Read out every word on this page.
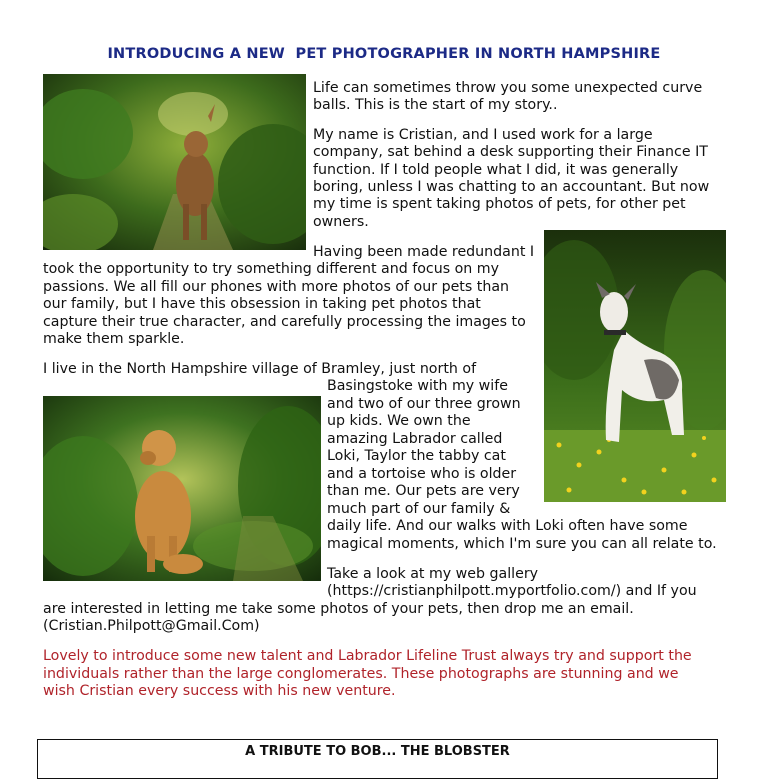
INTRODUCING A NEW  PET PHOTOGRAPHER IN NORTH HAMPSHIRE

Life can sometimes throw you some unexpected curve

balls. This is the start of my story..

My name is Cristian, and I used work for a large

company, sat behind a desk supporting their Finance IT

function. If I told people what I did, it was generally

boring, unless I was chatting to an accountant. But now

my time is spent taking photos of pets, for other pet

owners.

Having been made redundant I

took the opportunity to try something different and focus on my

passions. We all fill our phones with more photos of our pets than

our family, but I have this obsession in taking pet photos that

capture their true character, and carefully processing the images to

make them sparkle.

I live in the North Hampshire village of Bramley, just north of

Basingstoke with my wife

and two of our three grown

up kids. We own the

amazing Labrador called

Loki, Taylor the tabby cat

and a tortoise who is older

than me. Our pets are very

much part of our family &

daily life. And our walks with Loki often have some

magical moments, which I'm sure you can all relate to.

Take a look at my web gallery

(https://cristianphilpott.myportfolio.com/) and If you

are interested in letting me take some photos of your pets, then drop me an email.

(Cristian.Philpott@Gmail.Com)

Lovely to introduce some new talent and Labrador Lifeline Trust always try and support the

individuals rather than the large conglomerates. These photographs are stunning and we

wish Cristian every success with his new venture.

A TRIBUTE TO BOB... THE BLOBSTER
